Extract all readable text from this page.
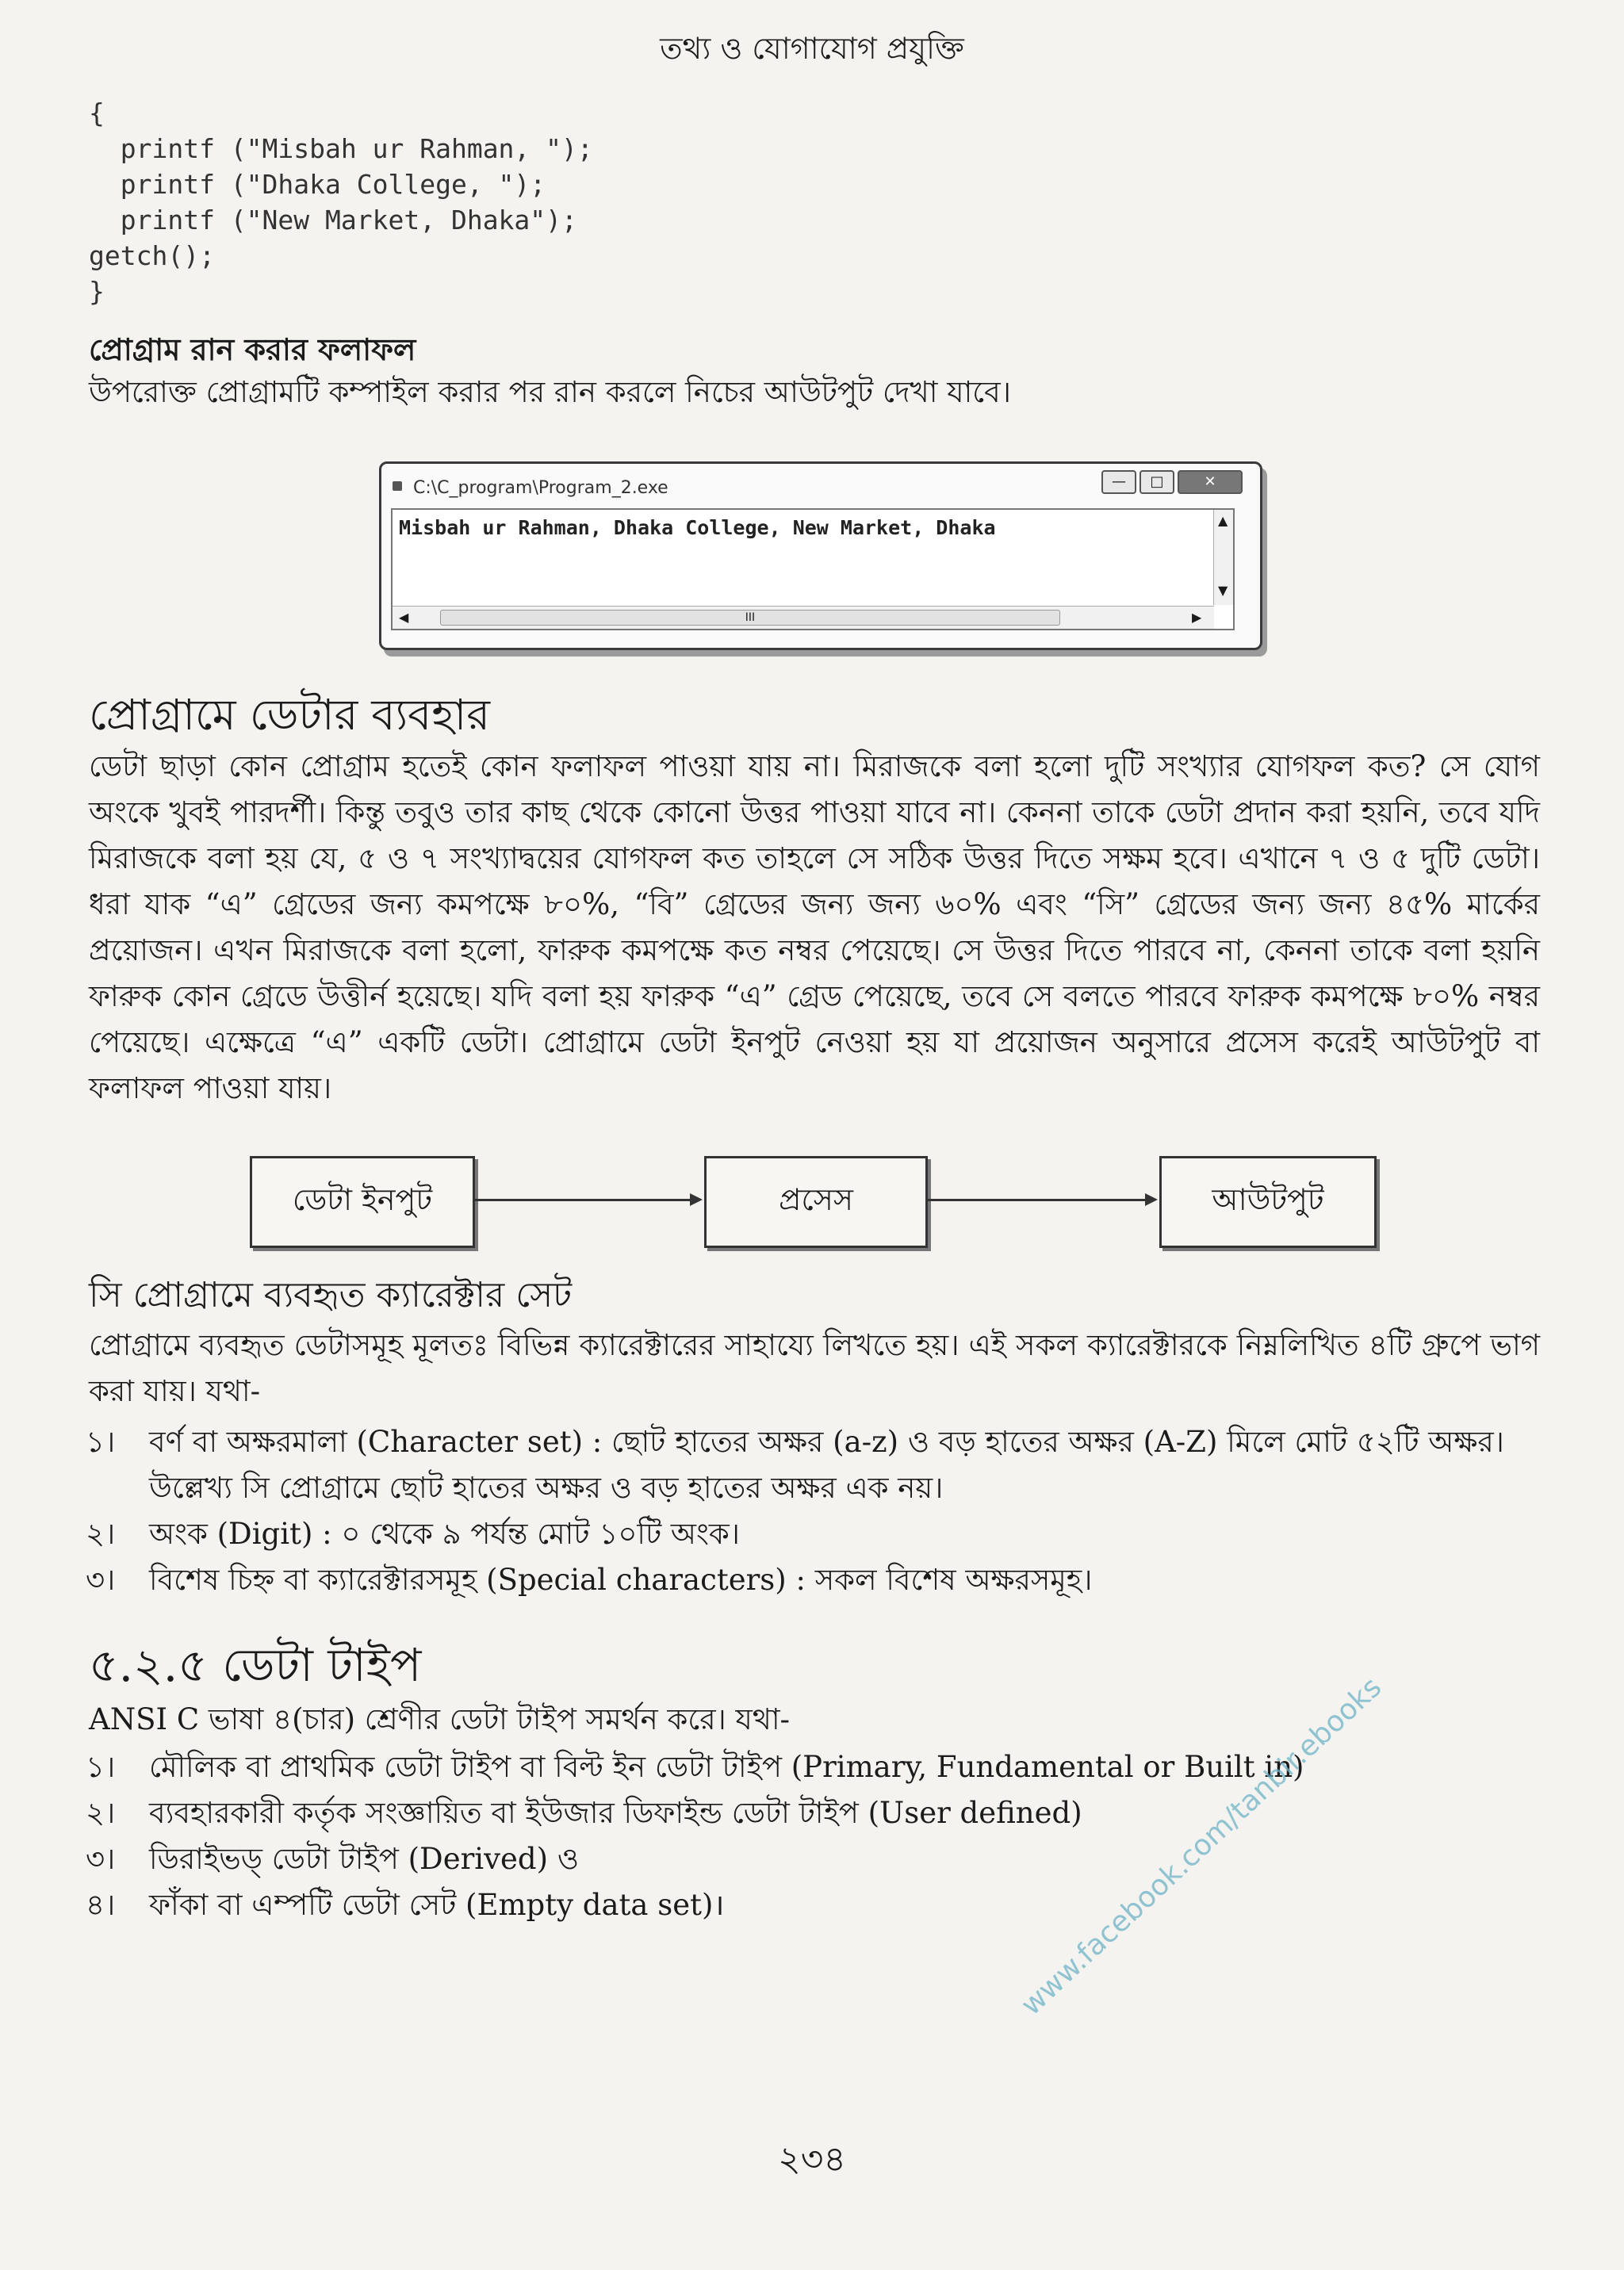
তথ্য ও যোগাযোগ প্রযুক্তি
{
printf ("Misbah ur Rahman, ");
printf ("Dhaka College, ");
printf ("New Market, Dhaka");
getch();
}
প্রোগ্রাম রান করার ফলাফল

উপরোক্ত প্রোগ্রামটি কম্পাইল করার পর রান করলে নিচের আউটপুট দেখা যাবে।

C:\C_program\Program_2.exe	—	□	✕
Misbah ur Rahman, Dhaka College, New Market, Dhaka	▲
▼
◀	III	▶
প্রোগ্রামে ডেটার ব্যবহার

ডেটা ছাড়া কোন প্রোগ্রাম হতেই কোন ফলাফল পাওয়া যায় না। মিরাজকে বলা হলো দুটি সংখ্যার যোগফল কত? সে যোগ অংকে খুবই পারদর্শী। কিন্তু তবুও তার কাছ থেকে কোনো উত্তর পাওয়া যাবে না। কেননা তাকে ডেটা প্রদান করা হয়নি, তবে যদি মিরাজকে বলা হয় যে, ৫ ও ৭ সংখ্যাদ্বয়ের যোগফল কত তাহলে সে সঠিক উত্তর দিতে সক্ষম হবে। এখানে ৭ ও ৫ দুটি ডেটা। ধরা যাক “এ” গ্রেডের জন্য কমপক্ষে ৮০%, “বি” গ্রেডের জন্য জন্য ৬০% এবং “সি” গ্রেডের জন্য জন্য ৪৫% মার্কের প্রয়োজন। এখন মিরাজকে বলা হলো, ফারুক কমপক্ষে কত নম্বর পেয়েছে। সে উত্তর দিতে পারবে না, কেননা তাকে বলা হয়নি ফারুক কোন গ্রেডে উত্তীর্ন হয়েছে। যদি বলা হয় ফারুক “এ” গ্রেড পেয়েছে, তবে সে বলতে পারবে ফারুক কমপক্ষে ৮০% নম্বর পেয়েছে। এক্ষেত্রে “এ” একটি ডেটা। প্রোগ্রামে ডেটা ইনপুট নেওয়া হয় যা প্রয়োজন অনুসারে প্রসেস করেই আউটপুট বা ফলাফল পাওয়া যায়।

ডেটা ইনপুট	প্রসেস	আউটপুট
সি প্রোগ্রামে ব্যবহৃত ক্যারেক্টার সেট

প্রোগ্রামে ব্যবহৃত ডেটাসমূহ মূলতঃ বিভিন্ন ক্যারেক্টারের সাহায্যে লিখতে হয়। এই সকল ক্যারেক্টারকে নিম্নলিখিত ৪টি গ্রুপে ভাগ করা যায়। যথা-

১। বর্ণ বা অক্ষরমালা (Character set) : ছোট হাতের অক্ষর (a-z) ও বড় হাতের অক্ষর (A-Z) মিলে মোট ৫২টি অক্ষর। উল্লেখ্য সি প্রোগ্রামে ছোট হাতের অক্ষর ও বড় হাতের অক্ষর এক নয়।
২। অংক (Digit) : ০ থেকে ৯ পর্যন্ত মোট ১০টি অংক।
৩। বিশেষ চিহ্ন বা ক্যারেক্টারসমূহ (Special characters) : সকল বিশেষ অক্ষরসমূহ।
৫.২.৫ ডেটা টাইপ

ANSI C ভাষা ৪(চার) শ্রেণীর ডেটা টাইপ সমর্থন করে। যথা-

১। মৌলিক বা প্রাথমিক ডেটা টাইপ বা বিল্ট ইন ডেটা টাইপ (Primary, Fundamental or Built in)
২। ব্যবহারকারী কর্তৃক সংজ্ঞায়িত বা ইউজার ডিফাইন্ড ডেটা টাইপ (User defined)
৩। ডিরাইভড্ ডেটা টাইপ (Derived) ও
৪। ফাঁকা বা এম্পটি ডেটা সেট (Empty data set)।	www.facebook.com/tanbir.ebooks
২৩৪
